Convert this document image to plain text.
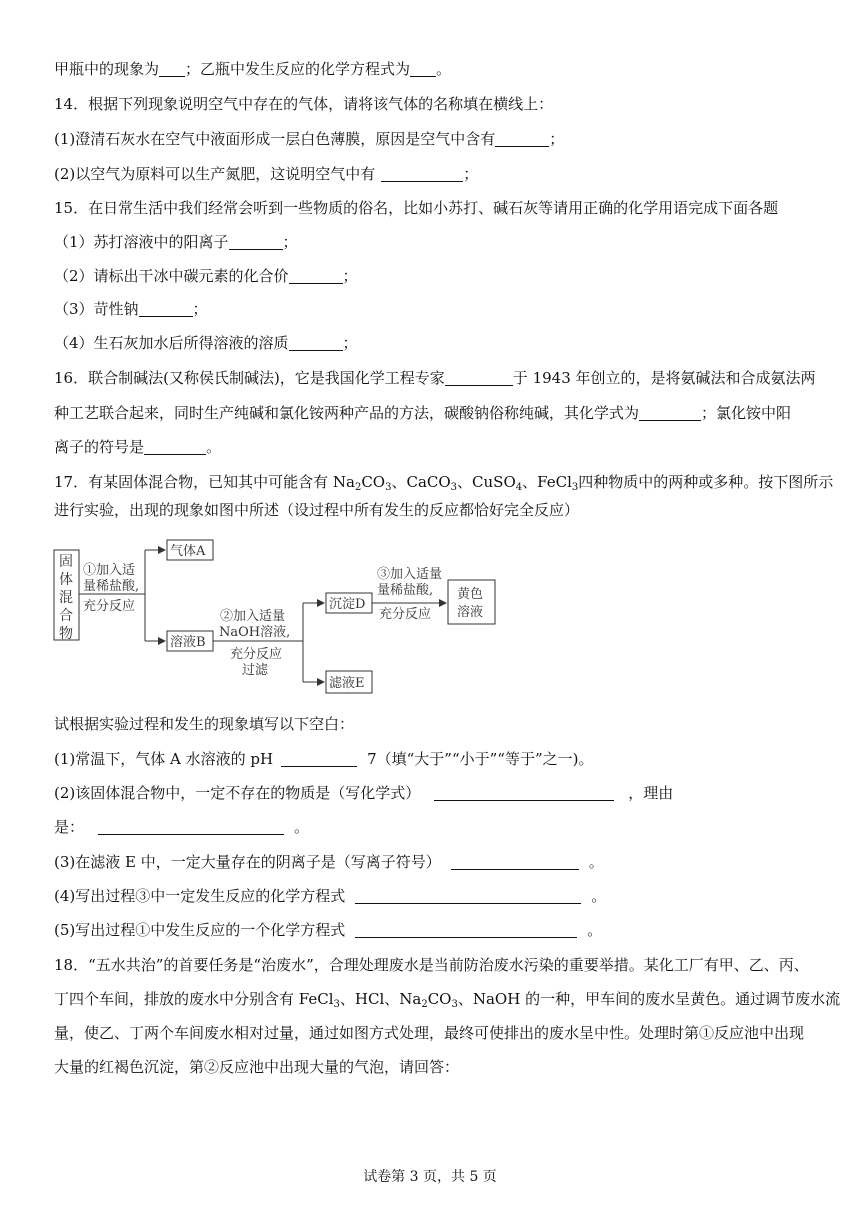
甲瓶中的现象为 ；乙瓶中发生反应的化学方程式为 。
14．根据下列现象说明空气中存在的气体，请将该气体的名称填在横线上：
(1)澄清石灰水在空气中液面形成一层白色薄膜，原因是空气中含有	；
(2)以空气为原料可以生产氮肥，这说明空气中有	；
15．在日常生活中我们经常会听到一些物质的俗名，比如小苏打、碱石灰等请用正确的化学用语完成下面各题
（1）苏打溶液中的阳离子	；
（2）请标出干冰中碳元素的化合价	；
（3）苛性钠	；
（4）生石灰加水后所得溶液的溶质	；
16．联合制碱法(又称侯氏制碱法)，它是我国化学工程专家	于 1943 年创立的，是将氨碱法和合成氨法两
种工艺联合起来，同时生产纯碱和氯化铵两种产品的方法，碳酸钠俗称纯碱，其化学式为	；氯化铵中阳
离子的符号是	。
17．有某固体混合物，已知其中可能含有 $Na_2CO_3$、CaCO$_3$、CuSO$_4$、FeCl$_3$四种物质中的两种或多种。按下图所示
进行实验，出现的现象如图中所述（设过程中所有发生的反应都恰好完全反应）
固
体
混
合
物
①加入适
量稀盐酸,
充分反应
气体A
溶液B
②加入适量
NaOH溶液,
充分反应
过滤
沉淀D
滤液E
③加入适量
量稀盐酸,
充分反应
黄色
溶液
试根据实验过程和发生的现象填写以下空白：
(1)常温下，气体 A 水溶液的 pH	7（填“大于”“小于”“等于”之一)。
(2)该固体混合物中，一定不存在的物质是（写化学式）	，理由
是：	。
(3)在滤液 E 中，一定大量存在的阴离子是（写离子符号）	。
(4)写出过程③中一定发生反应的化学方程式	。
(5)写出过程①中发生反应的一个化学方程式	。
18．“五水共治”的首要任务是“治废水”，合理处理废水是当前防治废水污染的重要举措。某化工厂有甲、乙、丙、
丁四个车间，排放的废水中分别含有 FeCl$_3$、HCl、$Na_2CO_3$、NaOH 的一种，甲车间的废水呈黄色。通过调节废水流
量，使乙、丁两个车间废水相对过量，通过如图方式处理，最终可使排出的废水呈中性。处理时第①反应池中出现
大量的红褐色沉淀，第②反应池中出现大量的气泡，请回答：
试卷第 3 页，共 5 页
